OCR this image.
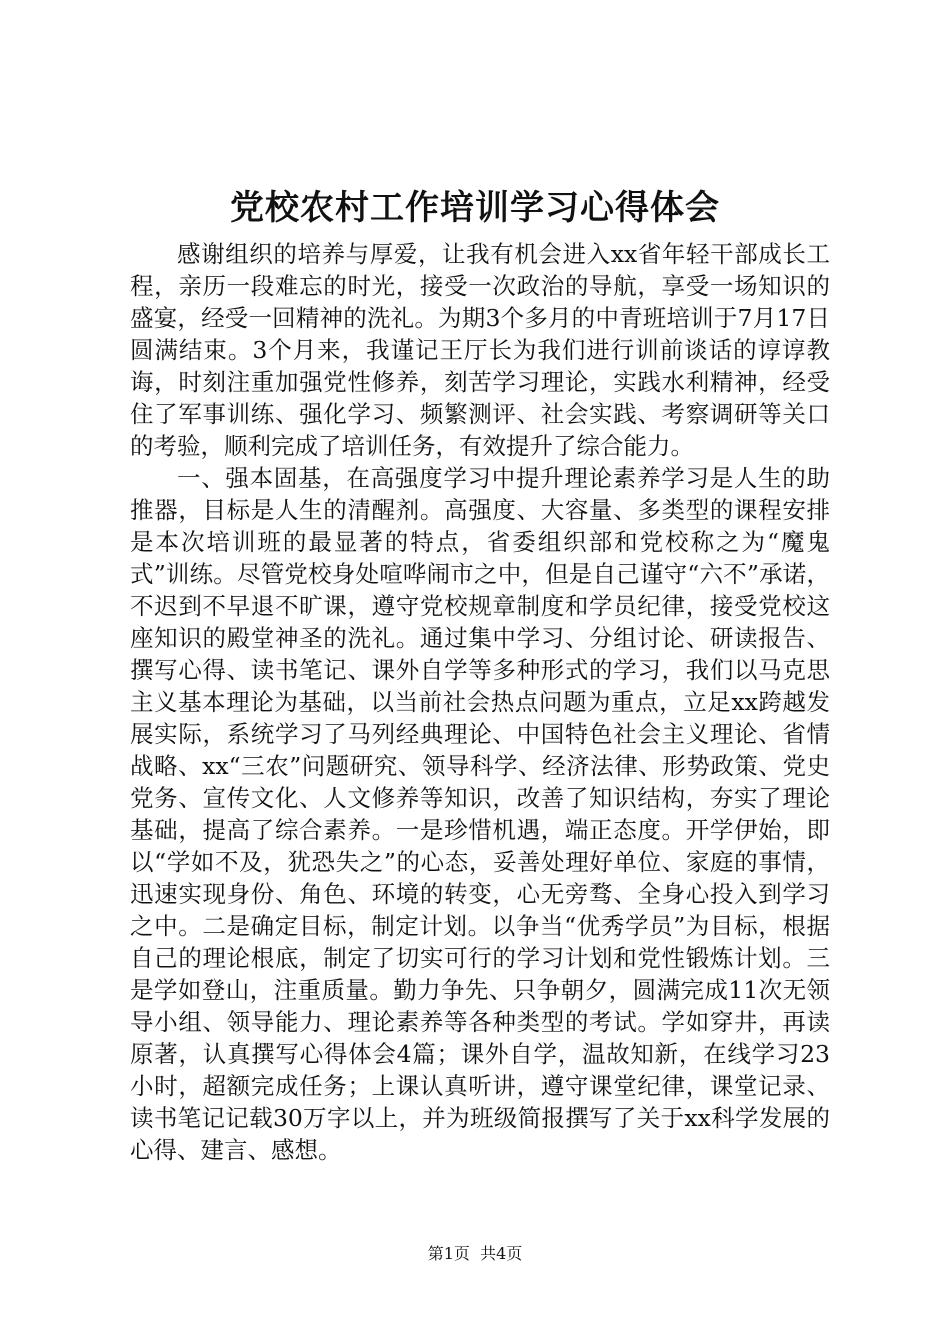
党校农村工作培训学习心得体会

感谢组织的培养与厚爱，让我有机会进入xx省年轻干部成长工程，亲历一段难忘的时光，接受一次政治的导航，享受一场知识的盛宴，经受一回精神的洗礼。为期3个多月的中青班培训于7月17日圆满结束。3个月来，我谨记王厅长为我们进行训前谈话的谆谆教诲，时刻注重加强党性修养，刻苦学习理论，实践水利精神，经受住了军事训练、强化学习、频繁测评、社会实践、考察调研等关口的考验，顺利完成了培训任务，有效提升了综合能力。

一、强本固基，在高强度学习中提升理论素养学习是人生的助推器，目标是人生的清醒剂。高强度、大容量、多类型的课程安排是本次培训班的最显著的特点，省委组织部和党校称之为“魔鬼式”训练。尽管党校身处喧哗闹市之中，但是自己谨守“六不”承诺，不迟到不早退不旷课，遵守党校规章制度和学员纪律，接受党校这座知识的殿堂神圣的洗礼。通过集中学习、分组讨论、研读报告、撰写心得、读书笔记、课外自学等多种形式的学习，我们以马克思主义基本理论为基础，以当前社会热点问题为重点，立足xx跨越发展实际，系统学习了马列经典理论、中国特色社会主义理论、省情战略、xx“三农”问题研究、领导科学、经济法律、形势政策、党史党务、宣传文化、人文修养等知识，改善了知识结构，夯实了理论基础，提高了综合素养。一是珍惜机遇，端正态度。开学伊始，即以“学如不及，犹恐失之”的心态，妥善处理好单位、家庭的事情，迅速实现身份、角色、环境的转变，心无旁骛、全身心投入到学习之中。二是确定目标，制定计划。以争当“优秀学员”为目标，根据自己的理论根底，制定了切实可行的学习计划和党性锻炼计划。三是学如登山，注重质量。勤力争先、只争朝夕，圆满完成11次无领导小组、领导能力、理论素养等各种类型的考试。学如穿井，再读原著，认真撰写心得体会4篇；课外自学，温故知新，在线学习23小时，超额完成任务；上课认真听讲，遵守课堂纪律，课堂记录、读书笔记记载30万字以上，并为班级简报撰写了关于xx科学发展的心得、建言、感想。

第1页  共4页
